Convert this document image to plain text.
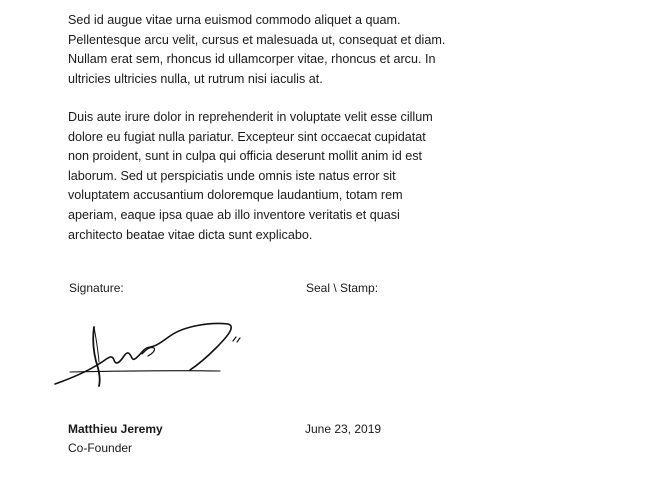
Sed id augue vitae urna euismod commodo aliquet a quam. Pellentesque arcu velit, cursus et malesuada ut, consequat et diam. Nullam erat sem, rhoncus id ullamcorper vitae, rhoncus et arcu. In ultricies ultricies nulla, ut rutrum nisi iaculis at.

Duis aute irure dolor in reprehenderit in voluptate velit esse cillum dolore eu fugiat nulla pariatur. Excepteur sint occaecat cupidatat non proident, sunt in culpa qui officia deserunt mollit anim id est laborum. Sed ut perspiciatis unde omnis iste natus error sit voluptatem accusantium doloremque laudantium, totam rem aperiam, eaque ipsa quae ab illo inventore veritatis et quasi architecto beatae vitae dicta sunt explicabo.

Signature:	Seal \ Stamp:
Matthieu Jeremy
Co-Founder
June 23, 2019
